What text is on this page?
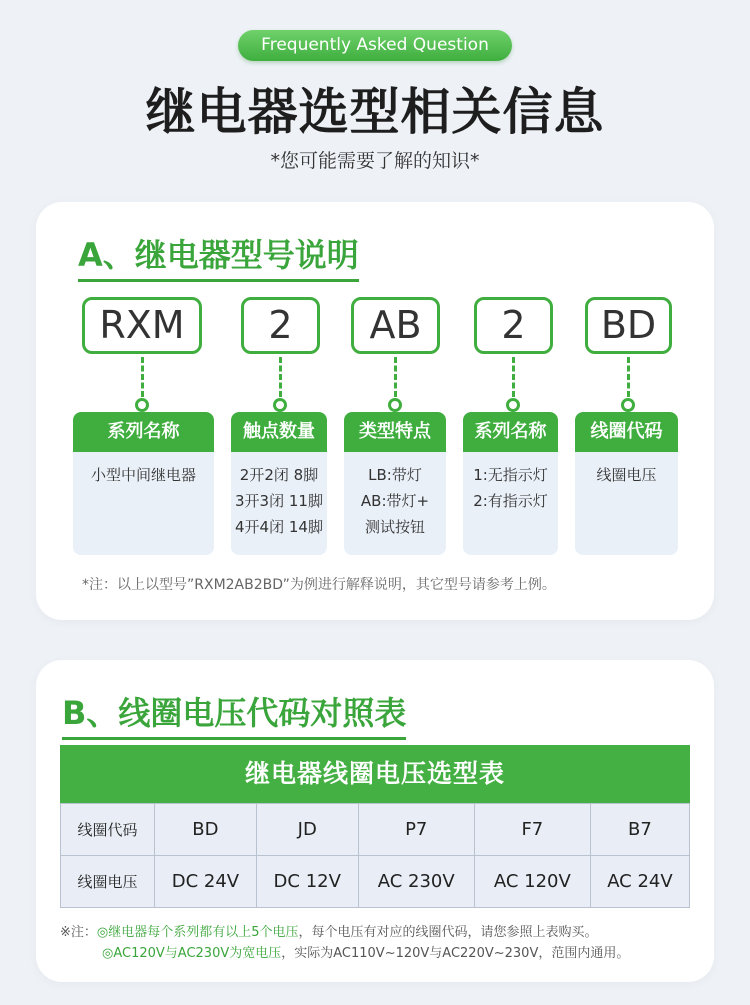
Frequently Asked Question
继电器选型相关信息
*您可能需要了解的知识*
A、继电器型号说明
RXM	2	AB	2	BD
系列名称
小型中间继电器
触点数量
2开2闭 8脚
3开3闭 11脚
4开4闭 14脚
类型特点
LB:带灯
AB:带灯+
测试按钮
系列名称
1:无指示灯
2:有指示灯
线圈代码
线圈电压
*注：以上以型号”RXM2AB2BD”为例进行解释说明，其它型号请参考上例。
B、线圈电压代码对照表
继电器线圈电压选型表
线圈代码	BD	JD	P7	F7	B7
线圈电压	DC 24V	DC 12V	AC 230V	AC 120V	AC 24V
※注：◎继电器每个系列都有以上5个电压，每个电压有对应的线圈代码，请您参照上表购买。
◎AC120V与AC230V为宽电压，实际为AC110V~120V与AC220V~230V，范围内通用。
